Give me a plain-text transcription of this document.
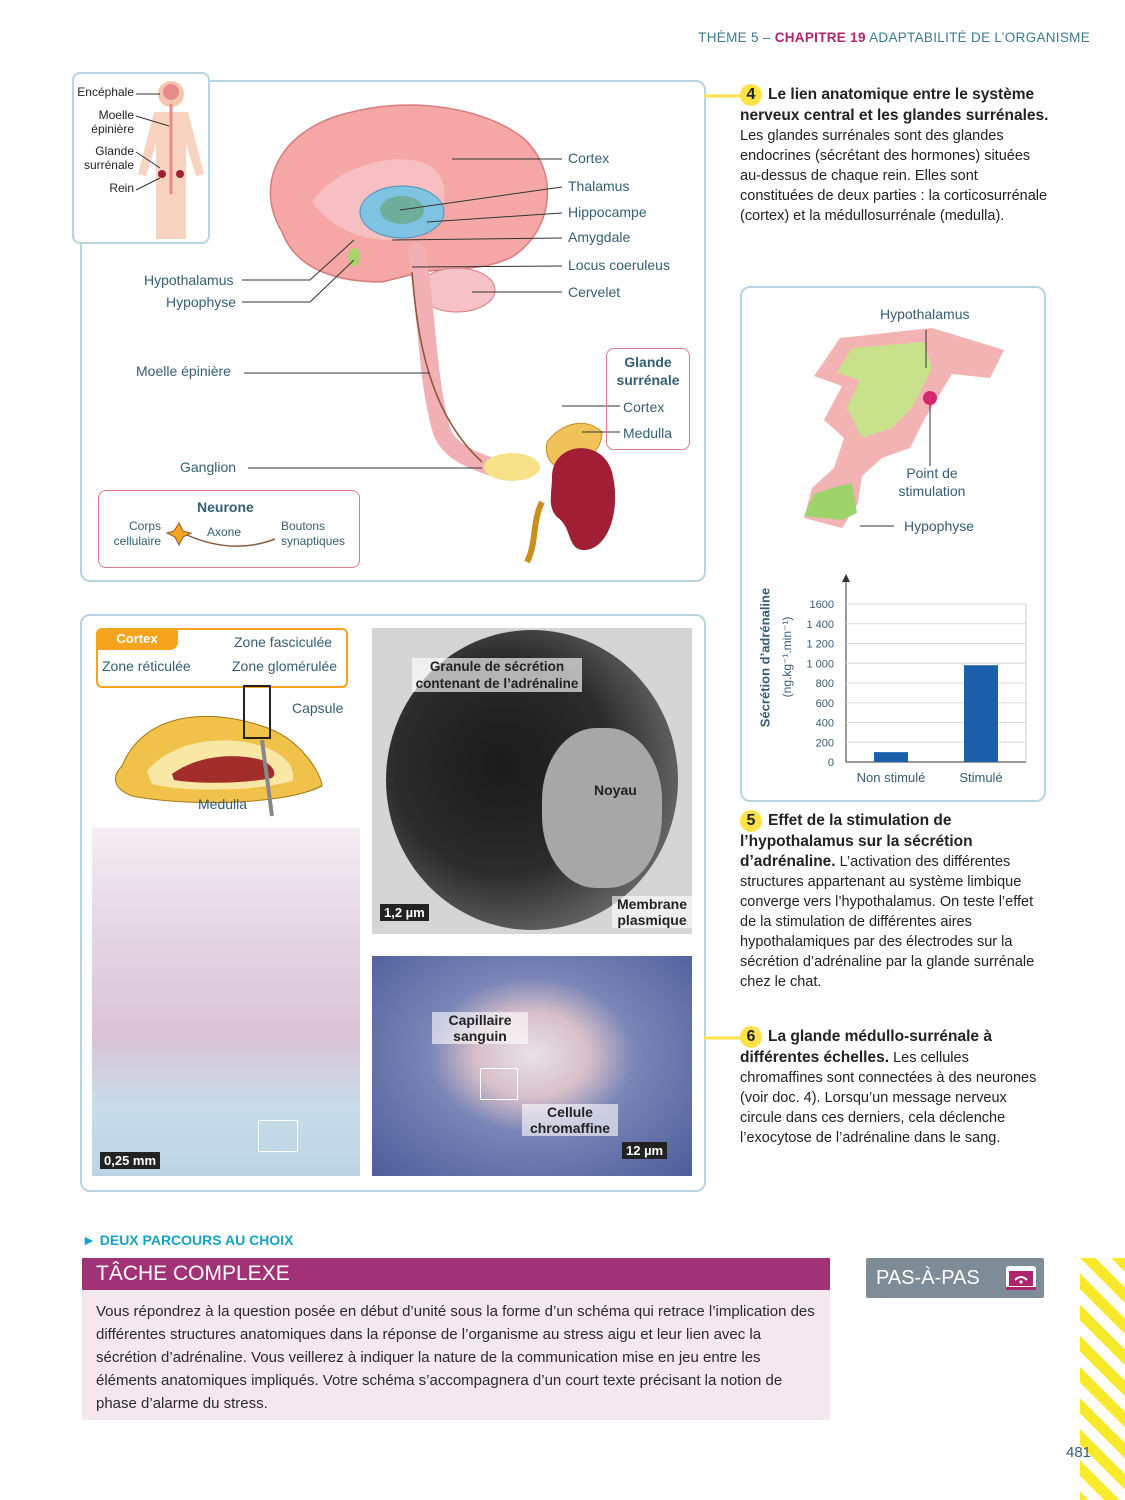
THÈME 5 – CHAPITRE 19 ADAPTABILITÉ DE L’ORGANISME
Encéphale
Moelle épinière
Glande surrénale
Rein
Cortex
Thalamus
Hippocampe
Amygdale
Locus coeruleus
Cervelet
Hypothalamus
Hypophyse
Moelle épinière
Ganglion
Glande surrénale
Cortex
Medulla
Neurone
Corps cellulaire
Axone	Boutons synaptiques
4 Le lien anatomique entre le système nerveux central et les glandes surrénales. Les glandes surrénales sont des glandes endocrines (sécrétant des hormones) situées au-dessus de chaque rein. Elles sont constituées de deux parties : la corticosurrénale (cortex) et la médullosurrénale (medulla).
Hypothalamus
Point de stimulation
Hypophyse
0
200
400
600
800
1 000
1 200
1 400
1600
Non stimulé	Stimulé
Sécrétion d’adrénaline (ng.kg⁻¹.min⁻¹)
5 Effet de la stimulation de l’hypothalamus sur la sécrétion d’adrénaline. L’activation des différentes structures appartenant au système limbique converge vers l’hypothalamus. On teste l’effet de la stimulation de différentes aires hypothalamiques par des électrodes sur la sécrétion d’adrénaline par la glande surrénale chez le chat.
Cortex
Zone réticulée
Zone fasciculée
Zone glomérulée
Capsule
Medulla
0,25 mm
Granule de sécrétion contenant de l’adrénaline
Noyau
Membrane plasmique
1,2 µm
Capillaire sanguin
Cellule chromaffine
12 µm
6 La glande médullo-surrénale à différentes échelles. Les cellules chromaffines sont connectées à des neurones (voir doc. 4). Lorsqu’un message nerveux circule dans ces derniers, cela déclenche l’exocytose de l’adrénaline dans le sang.
► DEUX PARCOURS AU CHOIX
TÂCHE COMPLEXE
Vous répondrez à la question posée en début d’unité sous la forme d’un schéma qui retrace l’implication des différentes structures anatomiques dans la réponse de l’organisme au stress aigu et leur lien avec la sécrétion d’adrénaline. Vous veillerez à indiquer la nature de la communication mise en jeu entre les éléments anatomiques impliqués. Votre schéma s’accompagnera d’un court texte précisant la notion de phase d’alarme du stress.
PAS-À-PAS
481
